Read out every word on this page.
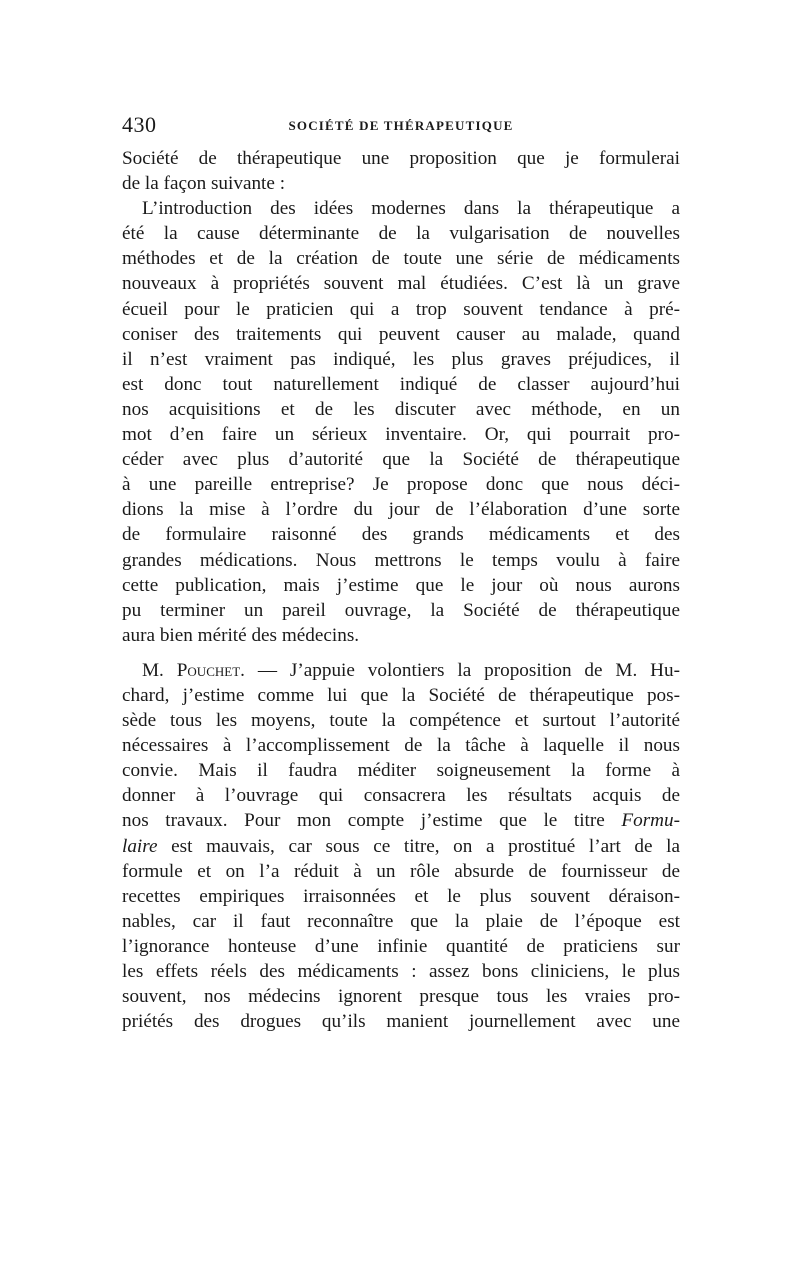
430	SOCIÉTÉ DE THÉRAPEUTIQUE
Société de thérapeutique une proposition que je formulerai
de la façon suivante :
L’introduction des idées modernes dans la thérapeutique a
été la cause déterminante de la vulgarisation de nouvelles
méthodes et de la création de toute une série de médicaments
nouveaux à propriétés souvent mal étudiées. C’est là un grave
écueil pour le praticien qui a trop souvent tendance à pré-
coniser des traitements qui peuvent causer au malade, quand
il n’est vraiment pas indiqué, les plus graves préjudices, il
est donc tout naturellement indiqué de classer aujourd’hui
nos acquisitions et de les discuter avec méthode, en un
mot d’en faire un sérieux inventaire. Or, qui pourrait pro-
céder avec plus d’autorité que la Société de thérapeutique
à une pareille entreprise? Je propose donc que nous déci-
dions la mise à l’ordre du jour de l’élaboration d’une sorte
de formulaire raisonné des grands médicaments et des
grandes médications. Nous mettrons le temps voulu à faire
cette publication, mais j’estime que le jour où nous aurons
pu terminer un pareil ouvrage, la Société de thérapeutique
aura bien mérité des médecins.
M. Pouchet. — J’appuie volontiers la proposition de M. Hu-
chard, j’estime comme lui que la Société de thérapeutique pos-
sède tous les moyens, toute la compétence et surtout l’autorité
nécessaires à l’accomplissement de la tâche à laquelle il nous
convie. Mais il faudra méditer soigneusement la forme à
donner à l’ouvrage qui consacrera les résultats acquis de
nos travaux. Pour mon compte j’estime que le titre Formu-
laire est mauvais, car sous ce titre, on a prostitué l’art de la
formule et on l’a réduit à un rôle absurde de fournisseur de
recettes empiriques irraisonnées et le plus souvent déraison-
nables, car il faut reconnaître que la plaie de l’époque est
l’ignorance honteuse d’une infinie quantité de praticiens sur
les effets réels des médicaments : assez bons cliniciens, le plus
souvent, nos médecins ignorent presque tous les vraies pro-
priétés des drogues qu’ils manient journellement avec une
